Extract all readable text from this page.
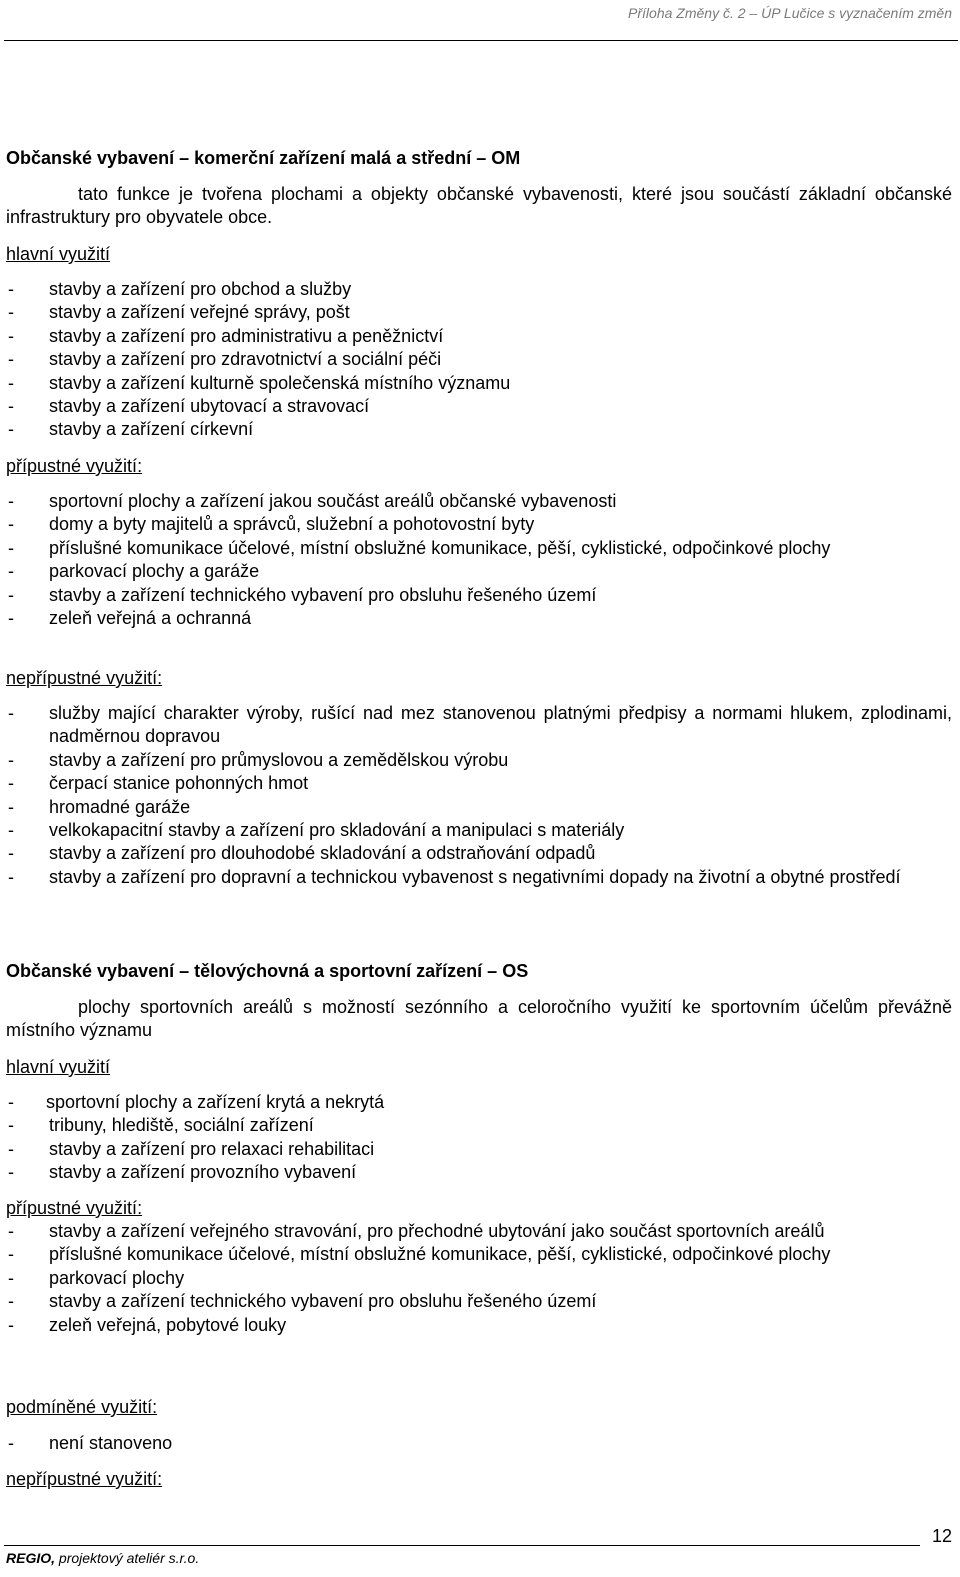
Příloha Změny č. 2 – ÚP Lučice s vyznačením změn
Občanské vybavení – komerční zařízení malá a střední – OM

tato funkce je tvořena plochami a objekty občanské vybavenosti, které jsou součástí základní občanské infrastruktury pro obyvatele obce.

hlavní využití
- stavby a zařízení pro obchod a služby
- stavby a zařízení veřejné správy, pošt
- stavby a zařízení pro administrativu a peněžnictví
- stavby a zařízení pro zdravotnictví a sociální péči
- stavby a zařízení kulturně společenská místního významu
- stavby a zařízení ubytovací a stravovací
- stavby a zařízení církevní
přípustné využití:
- sportovní plochy a zařízení jakou součást areálů občanské vybavenosti
- domy a byty majitelů a správců, služební a pohotovostní byty
- příslušné komunikace účelové, místní obslužné komunikace, pěší, cyklistické, odpočinkové plochy
- parkovací plochy a garáže
- stavby a zařízení technického vybavení pro obsluhu řešeného území
- zeleň veřejná a ochranná
nepřípustné využití:
- služby mající charakter výroby, rušící nad mez stanovenou platnými předpisy a normami hlukem, zplodinami, nadměrnou dopravou
- stavby a zařízení pro průmyslovou a zemědělskou výrobu
- čerpací stanice pohonných hmot
- hromadné garáže
- velkokapacitní stavby a zařízení pro skladování a manipulaci s materiály
- stavby a zařízení pro dlouhodobé skladování a odstraňování odpadů
- stavby a zařízení pro dopravní a technickou vybavenost s negativními dopady na životní a obytné prostředí
Občanské vybavení – tělovýchovná a sportovní zařízení – OS

plochy sportovních areálů s možností sezónního a celoročního využití ke sportovním účelům převážně místního významu

hlavní využití
- sportovní plochy a zařízení krytá a nekrytá
- tribuny, hlediště, sociální zařízení
- stavby a zařízení pro relaxaci rehabilitaci
- stavby a zařízení provozního vybavení
přípustné využití:
- stavby a zařízení veřejného stravování, pro přechodné ubytování jako součást sportovních areálů
- příslušné komunikace účelové, místní obslužné komunikace, pěší, cyklistické, odpočinkové plochy
- parkovací plochy
- stavby a zařízení technického vybavení pro obsluhu řešeného území
- zeleň veřejná, pobytové louky
podmíněné využití:
- není stanoveno
nepřípustné využití:
12
REGIO, projektový ateliér s.r.o.
